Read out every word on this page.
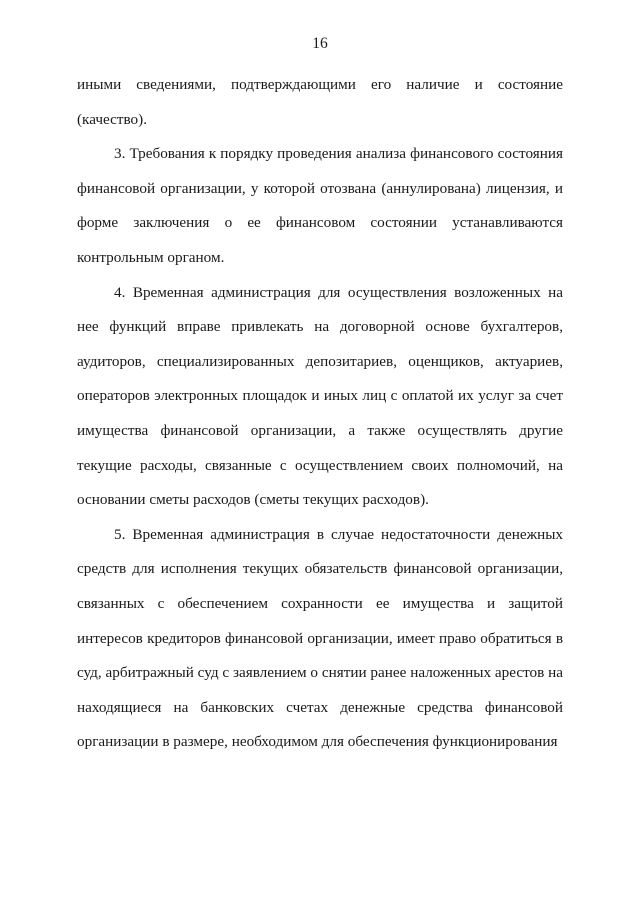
16

иными сведениями, подтверждающими его наличие и состояние (качество).

3. Требования к порядку проведения анализа финансового состояния финансовой организации, у которой отозвана (аннулирована) лицензия, и форме заключения о ее финансовом состоянии устанавливаются контрольным органом.

4. Временная администрация для осуществления возложенных на нее функций вправе привлекать на договорной основе бухгалтеров, аудиторов, специализированных депозитариев, оценщиков, актуариев, операторов электронных площадок и иных лиц с оплатой их услуг за счет имущества финансовой организации, а также осуществлять другие текущие расходы, связанные с осуществлением своих полномочий, на основании сметы расходов (сметы текущих расходов).

5. Временная администрация в случае недостаточности денежных средств для исполнения текущих обязательств финансовой организации, связанных с обеспечением сохранности ее имущества и защитой интересов кредиторов финансовой организации, имеет право обратиться в суд, арбитражный суд с заявлением о снятии ранее наложенных арестов на находящиеся на банковских счетах денежные средства финансовой организации в размере, необходимом для обеспечения функционирования
